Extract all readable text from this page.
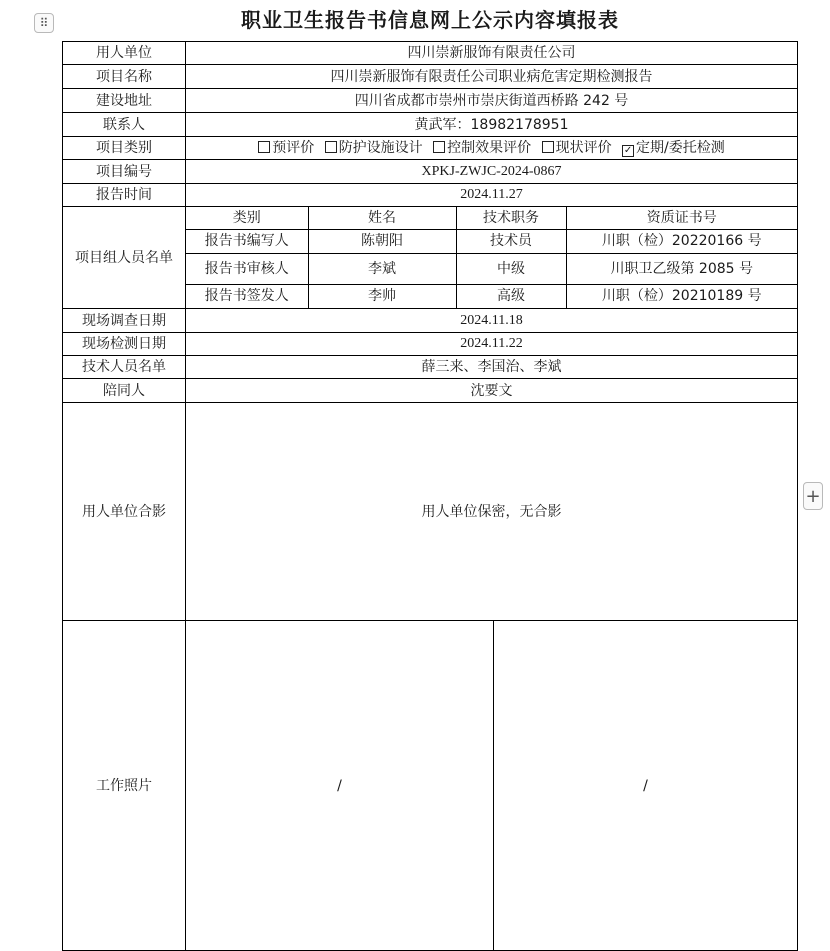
⠿
+
职业卫生报告书信息网上公示内容填报表
用人单位	四川崇新服饰有限责任公司
项目名称	四川崇新服饰有限责任公司职业病危害定期检测报告
建设地址	四川省成都市崇州市崇庆街道西桥路 242 号
联系人	黄武军：18982178951
项目类别	预评价 防护设施设计 控制效果评价 现状评价 ✓ 定期/委托检测
项目编号	XPKJ-ZWJC-2024-0867
报告时间	2024.11.27
项目组人员名单	
类别	姓名	技术职务	资质证书号
报告书编写人	陈朝阳	技术员	川职（检）20220166 号
报告书审核人	李斌	中级	川职卫乙级第 2085 号
报告书签发人	李帅	高级	川职（检）20210189 号

现场调查日期	2024.11.18
现场检测日期	2024.11.22
技术人员名单	薛三来、李国治、李斌
陪同人	沈要文
用人单位合影	用人单位保密，无合影
工作照片	/	/
